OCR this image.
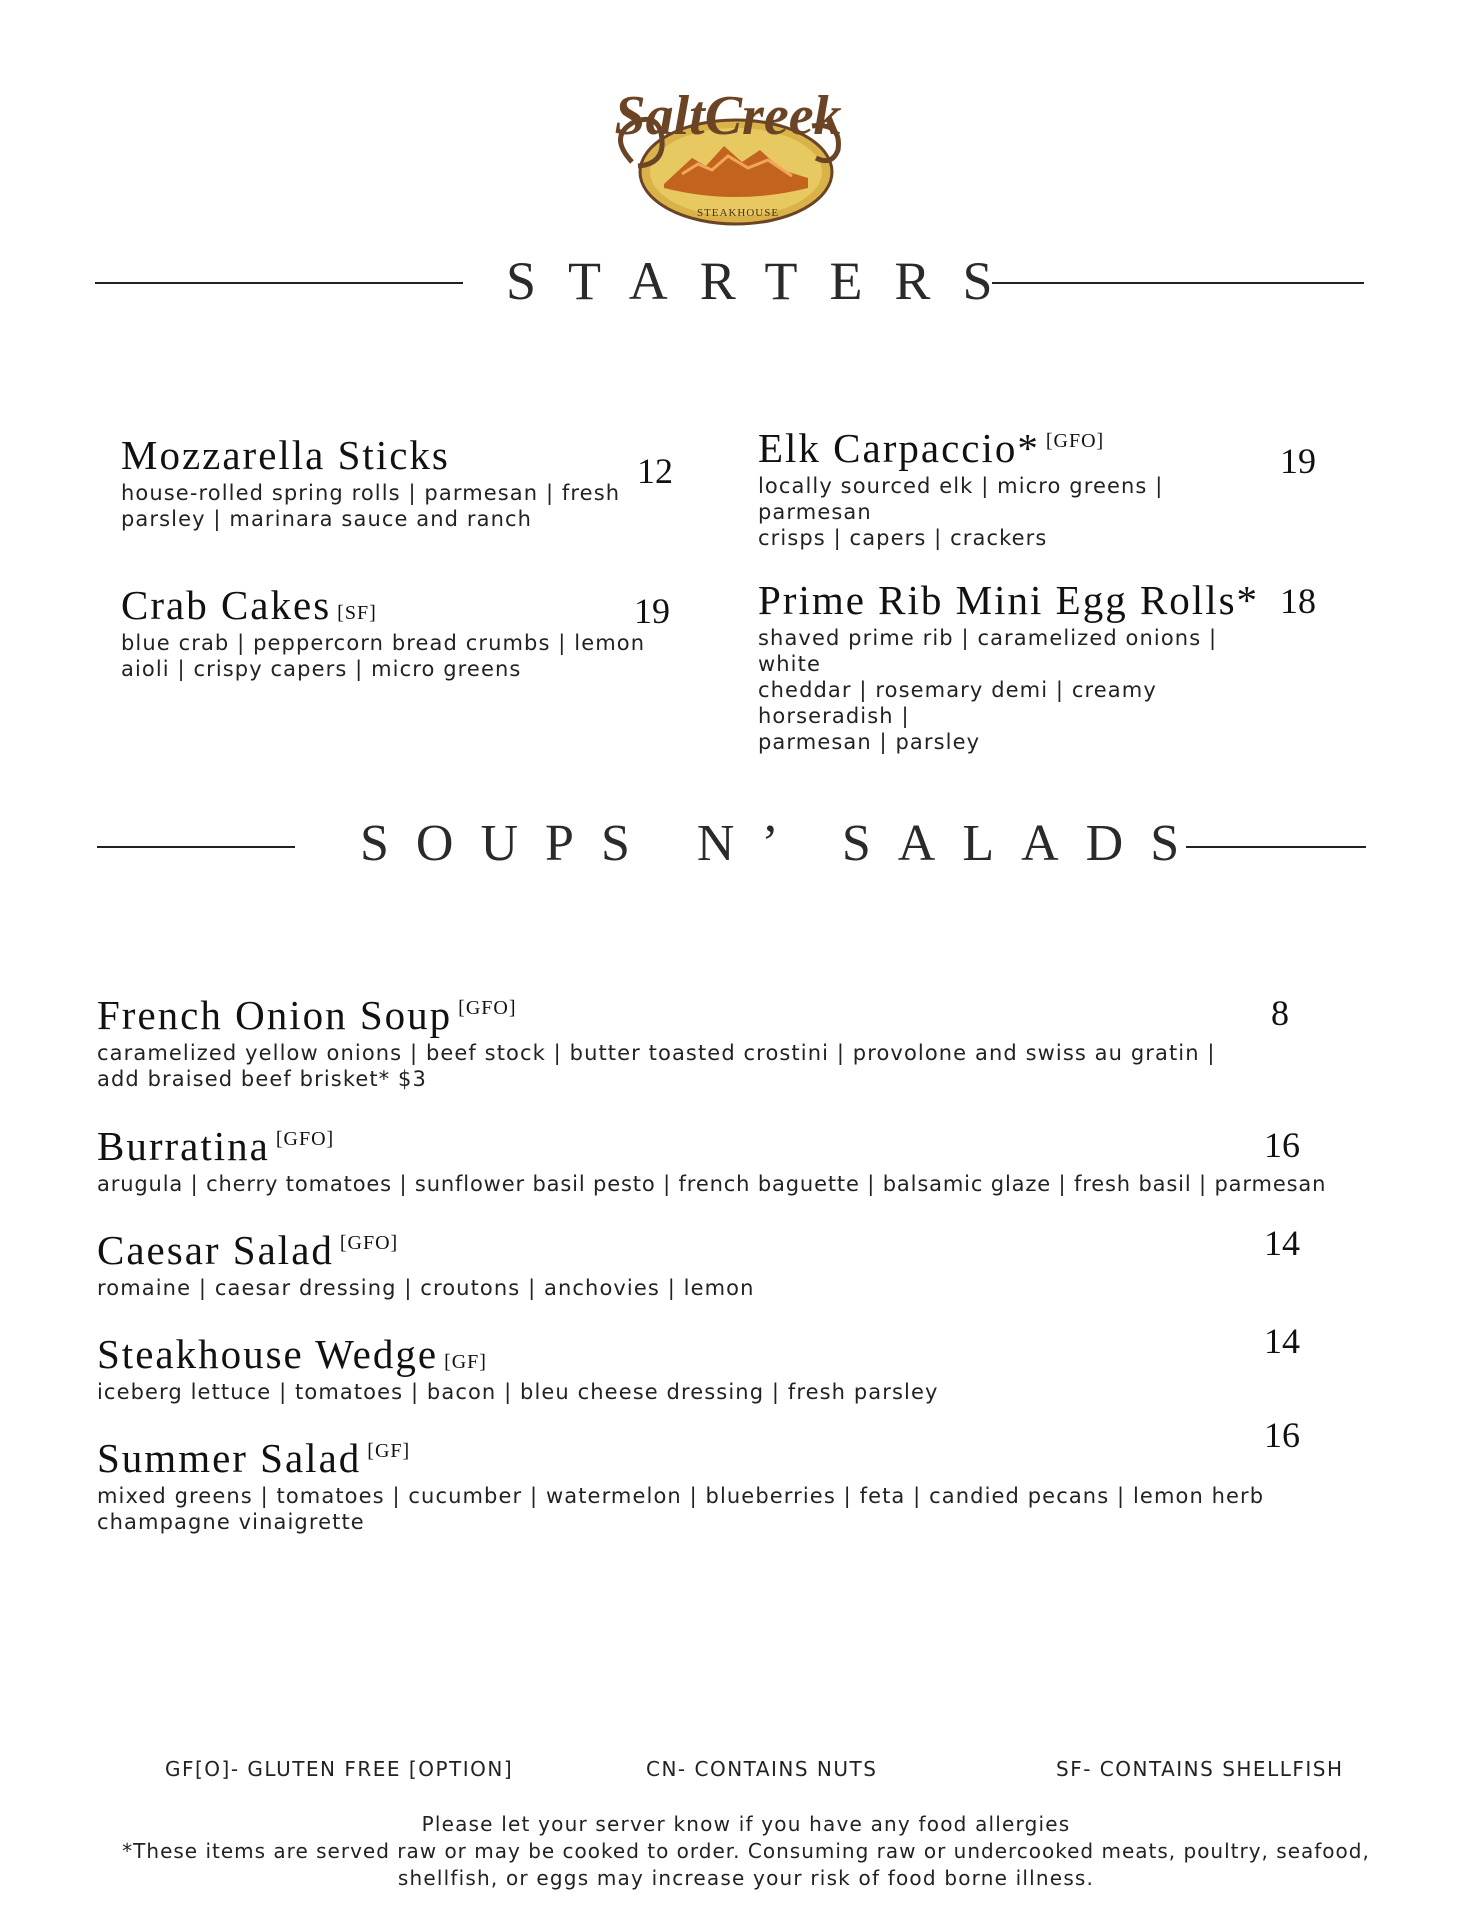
SaltCreek
STEAKHOUSE
STARTERS
Mozzarella Sticks
house-rolled spring rolls | parmesan | fresh
parsley | marinara sauce and ranch
12 Elk Carpaccio* [GFO]
locally sourced elk | micro greens | parmesan
crisps | capers | crackers
19
Crab Cakes [SF]
blue crab | peppercorn bread crumbs | lemon
aioli | crispy capers | micro greens
19 Prime Rib Mini Egg Rolls*
shaved prime rib | caramelized onions | white
cheddar | rosemary demi | creamy horseradish |
parmesan | parsley
18
SOUPS N’ SALADS
French Onion Soup [GFO]
caramelized yellow onions | beef stock | butter toasted crostini | provolone and swiss au gratin |
add braised beef brisket* $3
8
Burratina [GFO]
arugula | cherry tomatoes | sunflower basil pesto | french baguette | balsamic glaze | fresh basil | parmesan
16
Caesar Salad [GFO]
romaine | caesar dressing | croutons | anchovies | lemon
14
Steakhouse Wedge [GF]
iceberg lettuce | tomatoes | bacon | bleu cheese dressing | fresh parsley
14
Summer Salad [GF]
mixed greens | tomatoes | cucumber | watermelon | blueberries | feta | candied pecans | lemon herb
champagne vinaigrette
16
GF[O]- GLUTEN FREE [OPTION]	CN- CONTAINS NUTS	SF- CONTAINS SHELLFISH
Please let your server know if you have any food allergies
*These items are served raw or may be cooked to order. Consuming raw or undercooked meats, poultry, seafood,
shellfish, or eggs may increase your risk of food borne illness.
